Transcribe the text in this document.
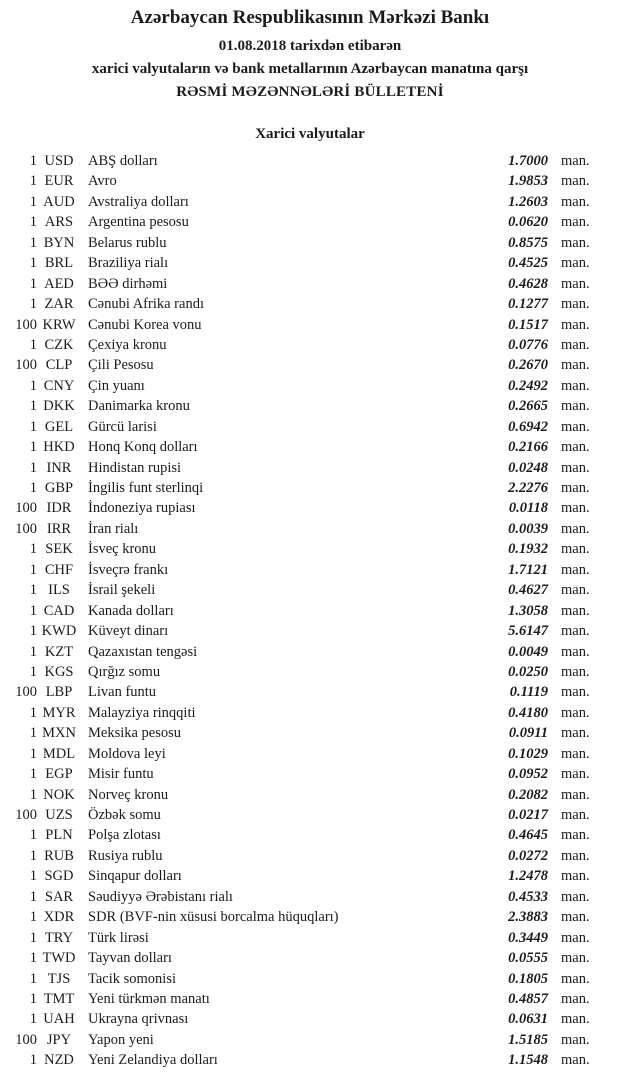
Azərbaycan Respublikasının Mərkəzi Bankı
01.08.2018 tarixdən etibarən
xarici valyutaların və bank metallarının Azərbaycan manatına qarşı
RƏSMİ MƏZƏNNƏLƏRİ BÜLLETENİ
Xarici valyutalar
1 USD	ABŞ dolları	1.7000 man.
1 EUR	Avro	1.9853 man.
1 AUD Avstraliya dolları	1.2603 man.
1 ARS	Argentina pesosu	0.0620 man.
1 BYN Belarus rublu	0.8575 man.
1 BRL	Braziliya rialı	0.4525 man.
1 AED BƏƏ dirhəmi	0.4628 man.
1 ZAR	Cənubi Afrika randı	0.1277 man.
100 KRW Cənubi Korea vonu	0.1517 man.
1 CZK	Çexiya kronu	0.0776 man.
100 CLP	Çili Pesosu	0.2670 man.
1 CNY Çin yuanı	0.2492 man.
1 DKK Danimarka kronu	0.2665 man.
1 GEL	Gürcü larisi	0.6942 man.
1 HKD Honq Konq dolları	0.2166 man.
1 INR	Hindistan rupisi	0.0248 man.
1 GBP	İngilis funt sterlinqi	2.2276 man.
100 IDR	İndoneziya rupiası	0.0118 man.
100 IRR	İran rialı	0.0039 man.
1 SEK	İsveç kronu	0.1932 man.
1 CHF	İsveçrə frankı	1.7121 man.
1 ILS	İsrail şekeli	0.4627 man.
1 CAD Kanada dolları	1.3058 man.
1 KWD Küveyt dinarı	5.6147 man.
1 KZT	Qazaxıstan tengəsi	0.0049 man.
1 KGS	Qırğız somu	0.0250 man.
100 LBP	Livan funtu	0.1119 man.
1 MYR Malayziya rinqqiti	0.4180 man.
1 MXN Meksika pesosu	0.0911 man.
1 MDL Moldova leyi	0.1029 man.
1 EGP	Misir funtu	0.0952 man.
1 NOK Norveç kronu	0.2082 man.
100 UZS	Özbək somu	0.0217 man.
1 PLN	Polşa zlotası	0.4645 man.
1 RUB Rusiya rublu	0.0272 man.
1 SGD	Sinqapur dolları	1.2478 man.
1 SAR	Səudiyyə Ərəbistanı rialı	0.4533 man.
1 XDR SDR (BVF-nin xüsusi borcalma hüquqları)	2.3883 man.
1 TRY	Türk lirəsi	0.3449 man.
1 TWD Tayvan dolları	0.0555 man.
1 TJS	Tacik somonisi	0.1805 man.
1 TMT Yeni türkmən manatı	0.4857 man.
1 UAH Ukrayna qrivnası	0.0631 man.
100 JPY	Yapon yeni	1.5185 man.
1 NZD Yeni Zelandiya dolları	1.1548 man.
